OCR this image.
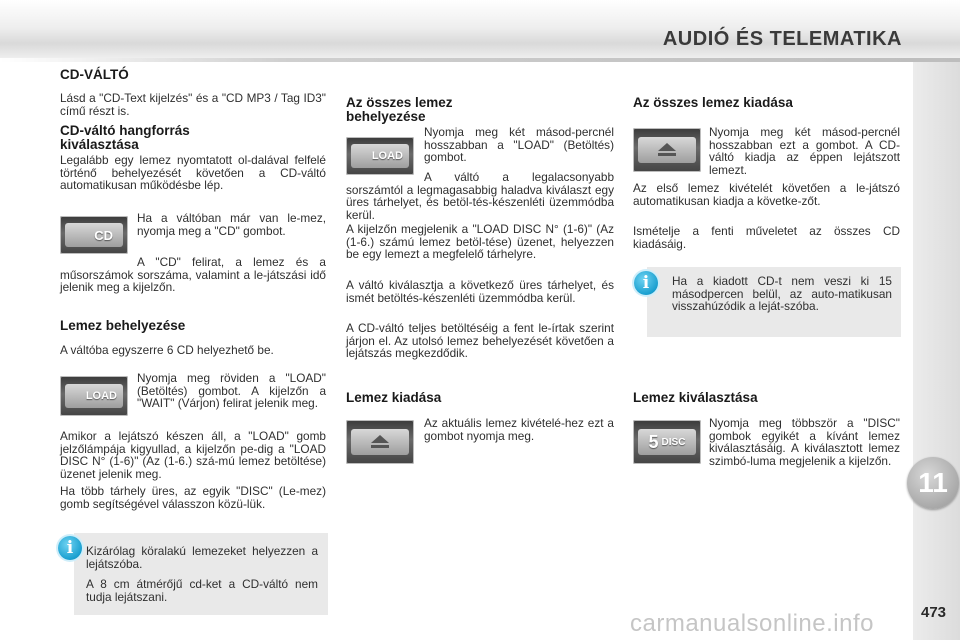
AUDIÓ ÉS TELEMATIKA
11
473
CD-VÁLTÓ

Lásd a "CD-Text kijelzés" és a "CD MP3 / Tag ID3" című részt is.

CD-váltó hangforrás kiválasztása

Legalább egy lemez nyomtatott ol-dalával felfelé történő behelyezését követően a CD-váltó automatikusan működésbe lép.

CD

Ha a váltóban már van le-mez, nyomja meg a "CD" gombot.

A "CD" felirat, a lemez és a műsorszámok sorszáma, valamint a le-játszási idő jelenik meg a kijelzőn.

Lemez behelyezése

A váltóba egyszerre 6 CD helyezhető be.

LOAD

Nyomja meg röviden a "LOAD" (Betöltés) gombot. A kijelzőn a "WAIT" (Várjon) felirat jelenik meg.

Amikor a lejátszó készen áll, a "LOAD" gomb jelzőlámpája kigyullad, a kijelzőn pe-dig a "LOAD DISC N° (1-6)" (Az (1-6.) szá-mú lemez betöltése) üzenet jelenik meg.

Ha több tárhely üres, az egyik "DISC" (Le-mez) gomb segítségével válasszon közü-lük.

i	Kizárólag köralakú lemezeket helyezzen a lejátszóba.

A 8 cm átmérőjű cd-ket a CD-váltó nem tudja lejátszani.

Az összes lemez behelyezése
LOAD

Nyomja meg két másod-percnél hosszabban a "LOAD" (Betöltés) gombot.

A váltó a legalacsonyabb sorszámtól a legmagasabbig haladva kiválaszt egy üres tárhelyet, és betöl-tés-készenléti üzemmódba kerül.

A kijelzőn megjelenik a "LOAD DISC N° (1-6)" (Az (1-6.) számú lemez betöl-tése) üzenet, helyezzen be egy lemezt a megfelelő tárhelyre.

A váltó kiválasztja a következő üres tárhelyet, és ismét betöltés-készenléti üzemmódba kerül.

A CD-váltó teljes betöltéséig a fent le-írtak szerint járjon el. Az utolsó lemez behelyezését követően a lejátszás megkezdődik.

Lemez kiadása

Az aktuális lemez kivételé-hez ezt a gombot nyomja meg.

Az összes lemez kiadása

Nyomja meg két másod-percnél hosszabban ezt a gombot. A CD-váltó kiadja az éppen lejátszott lemezt.

Az első lemez kivételét követően a le-játszó automatikusan kiadja a követke-zőt.

Ismételje a fenti műveletet az összes CD kiadásáig.

i	Ha a kiadott CD-t nem veszi ki 15 másodpercen belül, az auto-matikusan visszahúzódik a leját-szóba.

Lemez kiválasztása
5 DISC

Nyomja meg többször a "DISC" gombok egyikét a kívánt lemez kiválasztásáig. A kiválasztott lemez szimbó-luma megjelenik a kijelzőn.

carmanualsonline.info
